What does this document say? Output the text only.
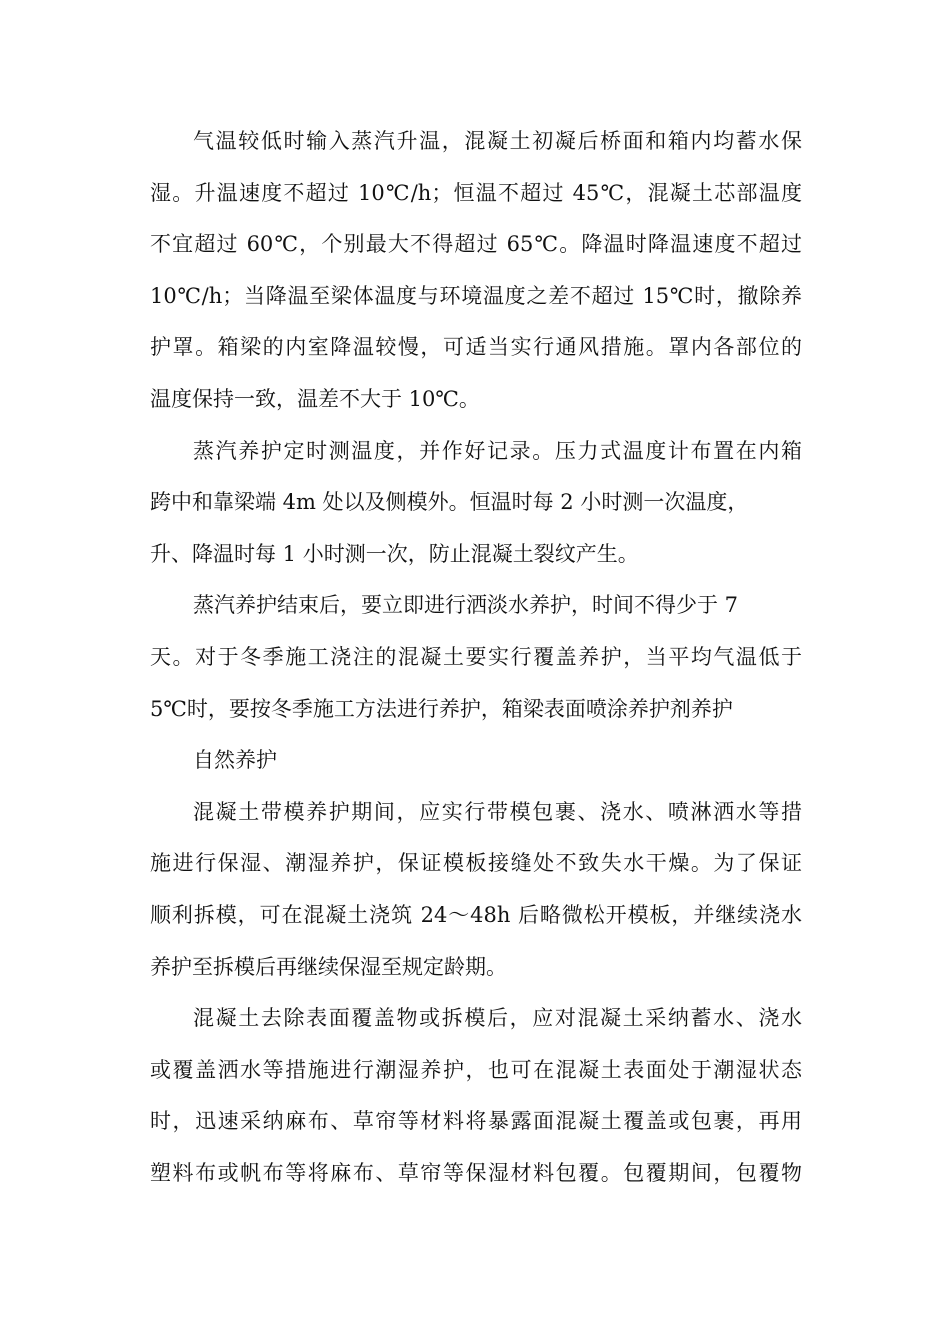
气温较低时输入蒸汽升温，混凝土初凝后桥面和箱内均蓄水保
湿。升温速度不超过 10℃/h；恒温不超过 45℃，混凝土芯部温度
不宜超过 60℃，个别最大不得超过 65℃。降温时降温速度不超过
10℃/h；当降温至梁体温度与环境温度之差不超过 15℃时，撤除养
护罩。箱梁的内室降温较慢，可适当实行通风措施。罩内各部位的
温度保持一致，温差不大于 10℃。
蒸汽养护定时测温度，并作好记录。压力式温度计布置在内箱
跨中和靠梁端 4m 处以及侧模外。恒温时每 2 小时测一次温度，
升、降温时每 1 小时测一次，防止混凝土裂纹产生。
蒸汽养护结束后，要立即进行洒淡水养护，时间不得少于 7
天。对于冬季施工浇注的混凝土要实行覆盖养护，当平均气温低于
5℃时，要按冬季施工方法进行养护，箱梁表面喷涂养护剂养护
自然养护
混凝土带模养护期间，应实行带模包裹、浇水、喷淋洒水等措
施进行保湿、潮湿养护，保证模板接缝处不致失水干燥。为了保证
顺利拆模，可在混凝土浇筑 24～48h 后略微松开模板，并继续浇水
养护至拆模后再继续保湿至规定龄期。
混凝土去除表面覆盖物或拆模后，应对混凝土采纳蓄水、浇水
或覆盖洒水等措施进行潮湿养护，也可在混凝土表面处于潮湿状态
时，迅速采纳麻布、草帘等材料将暴露面混凝土覆盖或包裹，再用
塑料布或帆布等将麻布、草帘等保湿材料包覆。包覆期间，包覆物
